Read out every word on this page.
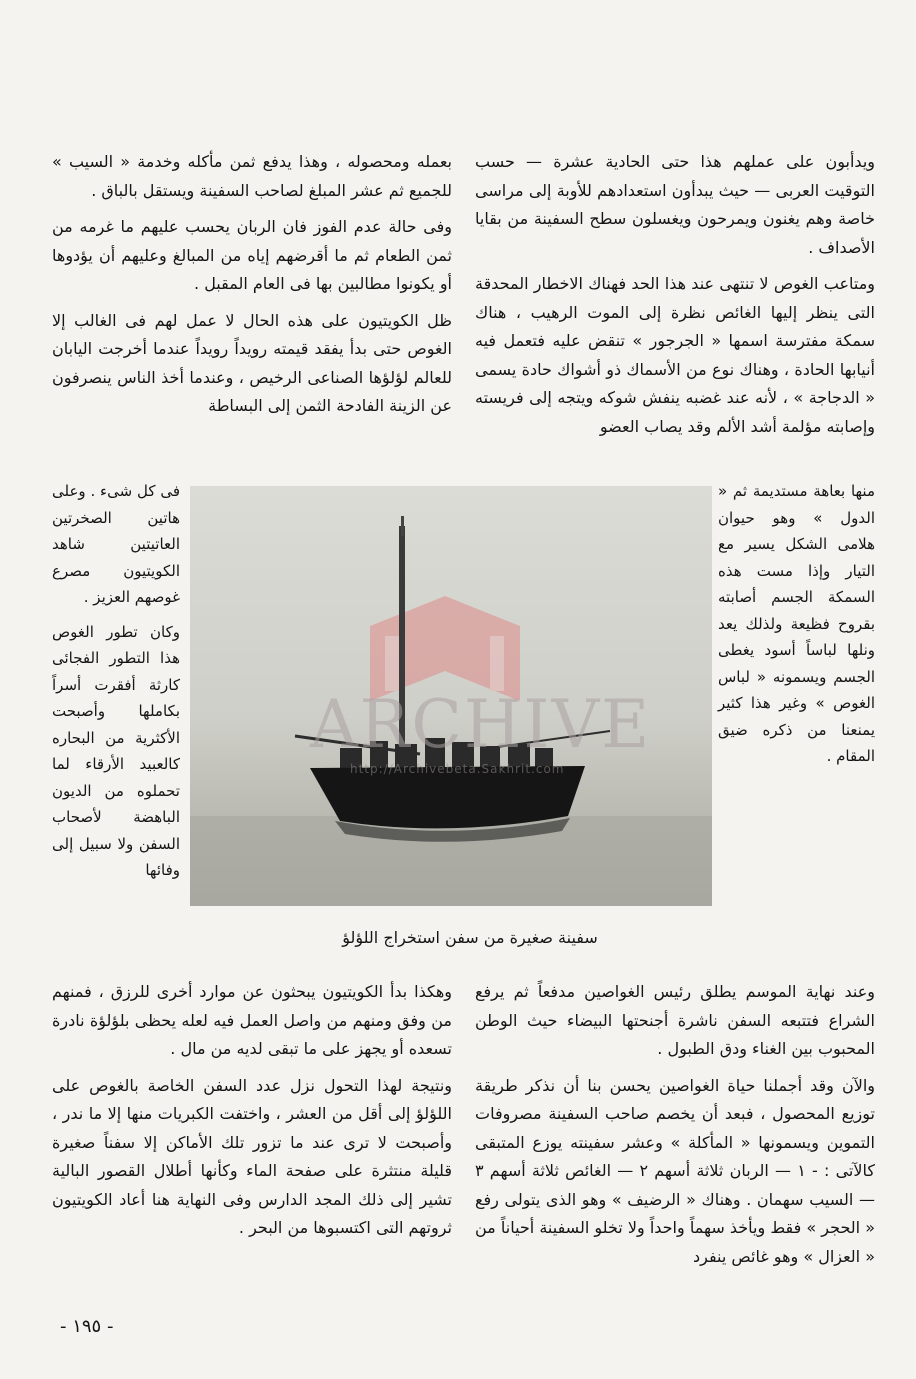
ويدأبون على عملهم هذا حتى الحادية عشرة — حسب التوقيت العربى — حيث يبدأون استعدادهم للأوبة إلى مراسى خاصة وهم يغنون ويمرحون ويغسلون سطح السفينة من بقايا الأصداف .

ومتاعب الغوص لا تنتهى عند هذا الحد فهناك الاخطار المحدقة التى ينظر إليها الغائص نظرة إلى الموت الرهيب ، هناك سمكة مفترسة اسمها « الجرجور » تنقض عليه فتعمل فيه أنيابها الحادة ، وهناك نوع من الأسماك ذو أشواك حادة يسمى « الدجاجة » ، لأنه عند غضبه ينفش شوكه ويتجه إلى فريسته وإصابته مؤلمة أشد الألم وقد يصاب العضو

بعمله ومحصوله ، وهذا يدفع ثمن مأكله وخدمة « السيب » للجميع ثم عشر المبلغ لصاحب السفينة ويستقل بالباق .

وفى حالة عدم الفوز فان الربان يحسب عليهم ما غرمه من ثمن الطعام ثم ما أقرضهم إياه من المبالغ وعليهم أن يؤدوها أو يكونوا مطالبين بها فى العام المقبل .

ظل الكويتيون على هذه الحال لا عمل لهم فى الغالب إلا الغوص حتى بدأ يفقد قيمته رويداً رويداً عندما أخرجت اليابان للعالم لؤلؤها الصناعى الرخيص ، وعندما أخذ الناس ينصرفون عن الزينة الفادحة الثمن إلى البساطة

منها بعاهة مستديمة ثم « الدول » وهو حيوان هلامى الشكل يسير مع التيار وإذا مست هذه السمكة الجسم أصابته بقروح فظيعة ولذلك يعد ونلها لباساً أسود يغطى الجسم ويسمونه « لباس الغوص » وغير هذا كثير يمنعنا من ذكره ضيق المقام .

فى كل شىء . وعلى هاتين الصخرتين العاتيتين شاهد الكويتيون مصرع غوصهم العزيز .

وكان تطور الغوص هذا التطور الفجائى كارثة أفقرت أسراً بكاملها وأصبحت الأكثرية من البحاره كالعبيد الأرقاء لما تحملوه من الديون الباهضة لأصحاب السفن ولا سبيل إلى وفائها

ARCHIVE
http://Archivebeta.Sakhrit.com
سفينة صغيرة من سفن استخراج اللؤلؤ

وعند نهاية الموسم يطلق رئيس الغواصين مدفعاً ثم يرفع الشراع فتتبعه السفن ناشرة أجنحتها البيضاء حيث الوطن المحبوب بين الغناء ودق الطبول .

والآن وقد أجملنا حياة الغواصين يحسن بنا أن نذكر طريقة توزيع المحصول ، فبعد أن يخصم صاحب السفينة مصروفات التموين ويسمونها « المأكلة » وعشر سفينته يوزع المتبقى كالآتى : - ١ — الربان ثلاثة أسهم ٢ — الغائص ثلاثة أسهم ٣ — السيب سهمان . وهناك « الرضيف » وهو الذى يتولى رفع « الحجر » فقط ويأخذ سهماً واحداً ولا تخلو السفينة أحياناً من « العزال » وهو غائص ينفرد

وهكذا بدأ الكويتيون يبحثون عن موارد أخرى للرزق ، فمنهم من وفق ومنهم من واصل العمل فيه لعله يحظى بلؤلؤة نادرة تسعده أو يجهز على ما تبقى لديه من مال .

ونتيجة لهذا التحول نزل عدد السفن الخاصة بالغوص على اللؤلؤ إلى أقل من العشر ، واختفت الكبريات منها إلا ما ندر ، وأصبحت لا ترى عند ما تزور تلك الأماكن إلا سفناً صغيرة قليلة منتثرة على صفحة الماء وكأنها أطلال القصور البالية تشير إلى ذلك المجد الدارس وفى النهاية هنا أعاد الكويتيون ثروتهم التى اكتسبوها من البحر .

- ١٩٥ -
